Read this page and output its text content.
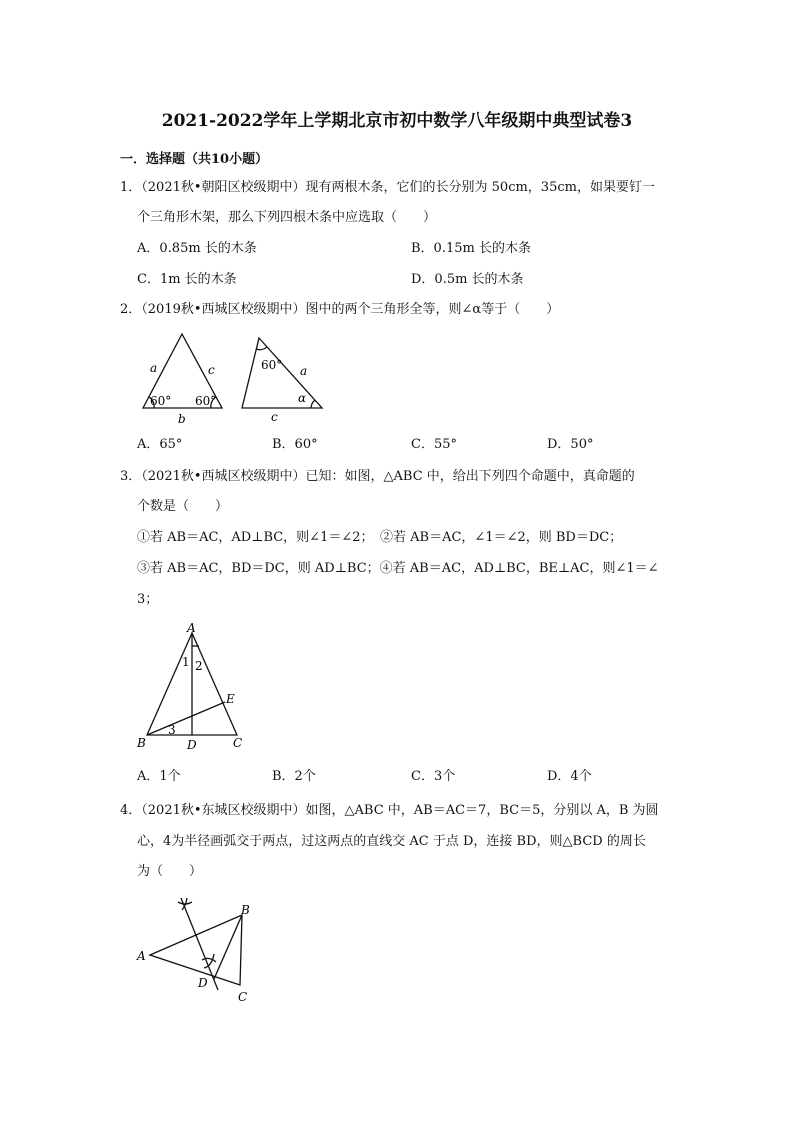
2021-2022学年上学期北京市初中数学八年级期中典型试卷3
一．选择题（共10小题）
1．（2021秋•朝阳区校级期中）现有两根木条，它们的长分别为 50cm，35cm，如果要钉一
个三角形木架，那么下列四根木条中应选取（　　）
A．0.85m 长的木条	B．0.15m 长的木条
C．1m 长的木条	D．0.5m 长的木条
2．（2019秋•西城区校级期中）图中的两个三角形全等，则∠α等于（　　）
a	c
b
60° 60°
60° a
c
α
A．65°	B．60°	C．55°	D．50°
3．（2021秋•西城区校级期中）已知：如图，△ABC 中，给出下列四个命题中，真命题的
个数是（　　）
①若 AB＝AC，AD⊥BC，则∠1＝∠2；　②若 AB＝AC，∠1＝∠2，则 BD＝DC；
③若 AB＝AC，BD＝DC，则 AD⊥BC；④若 AB＝AC，AD⊥BC，BE⊥AC，则∠1＝∠
3；
A
B	C
D
E
1 2
3
A．1个	B．2个	C．3个	D．4个
4．（2021秋•东城区校级期中）如图，△ABC 中，AB＝AC＝7，BC＝5，分别以 A，B 为圆
心，4为半径画弧交于两点，过这两点的直线交 AC 于点 D，连接 BD，则△BCD 的周长
为（　　）
B
A
D
C
